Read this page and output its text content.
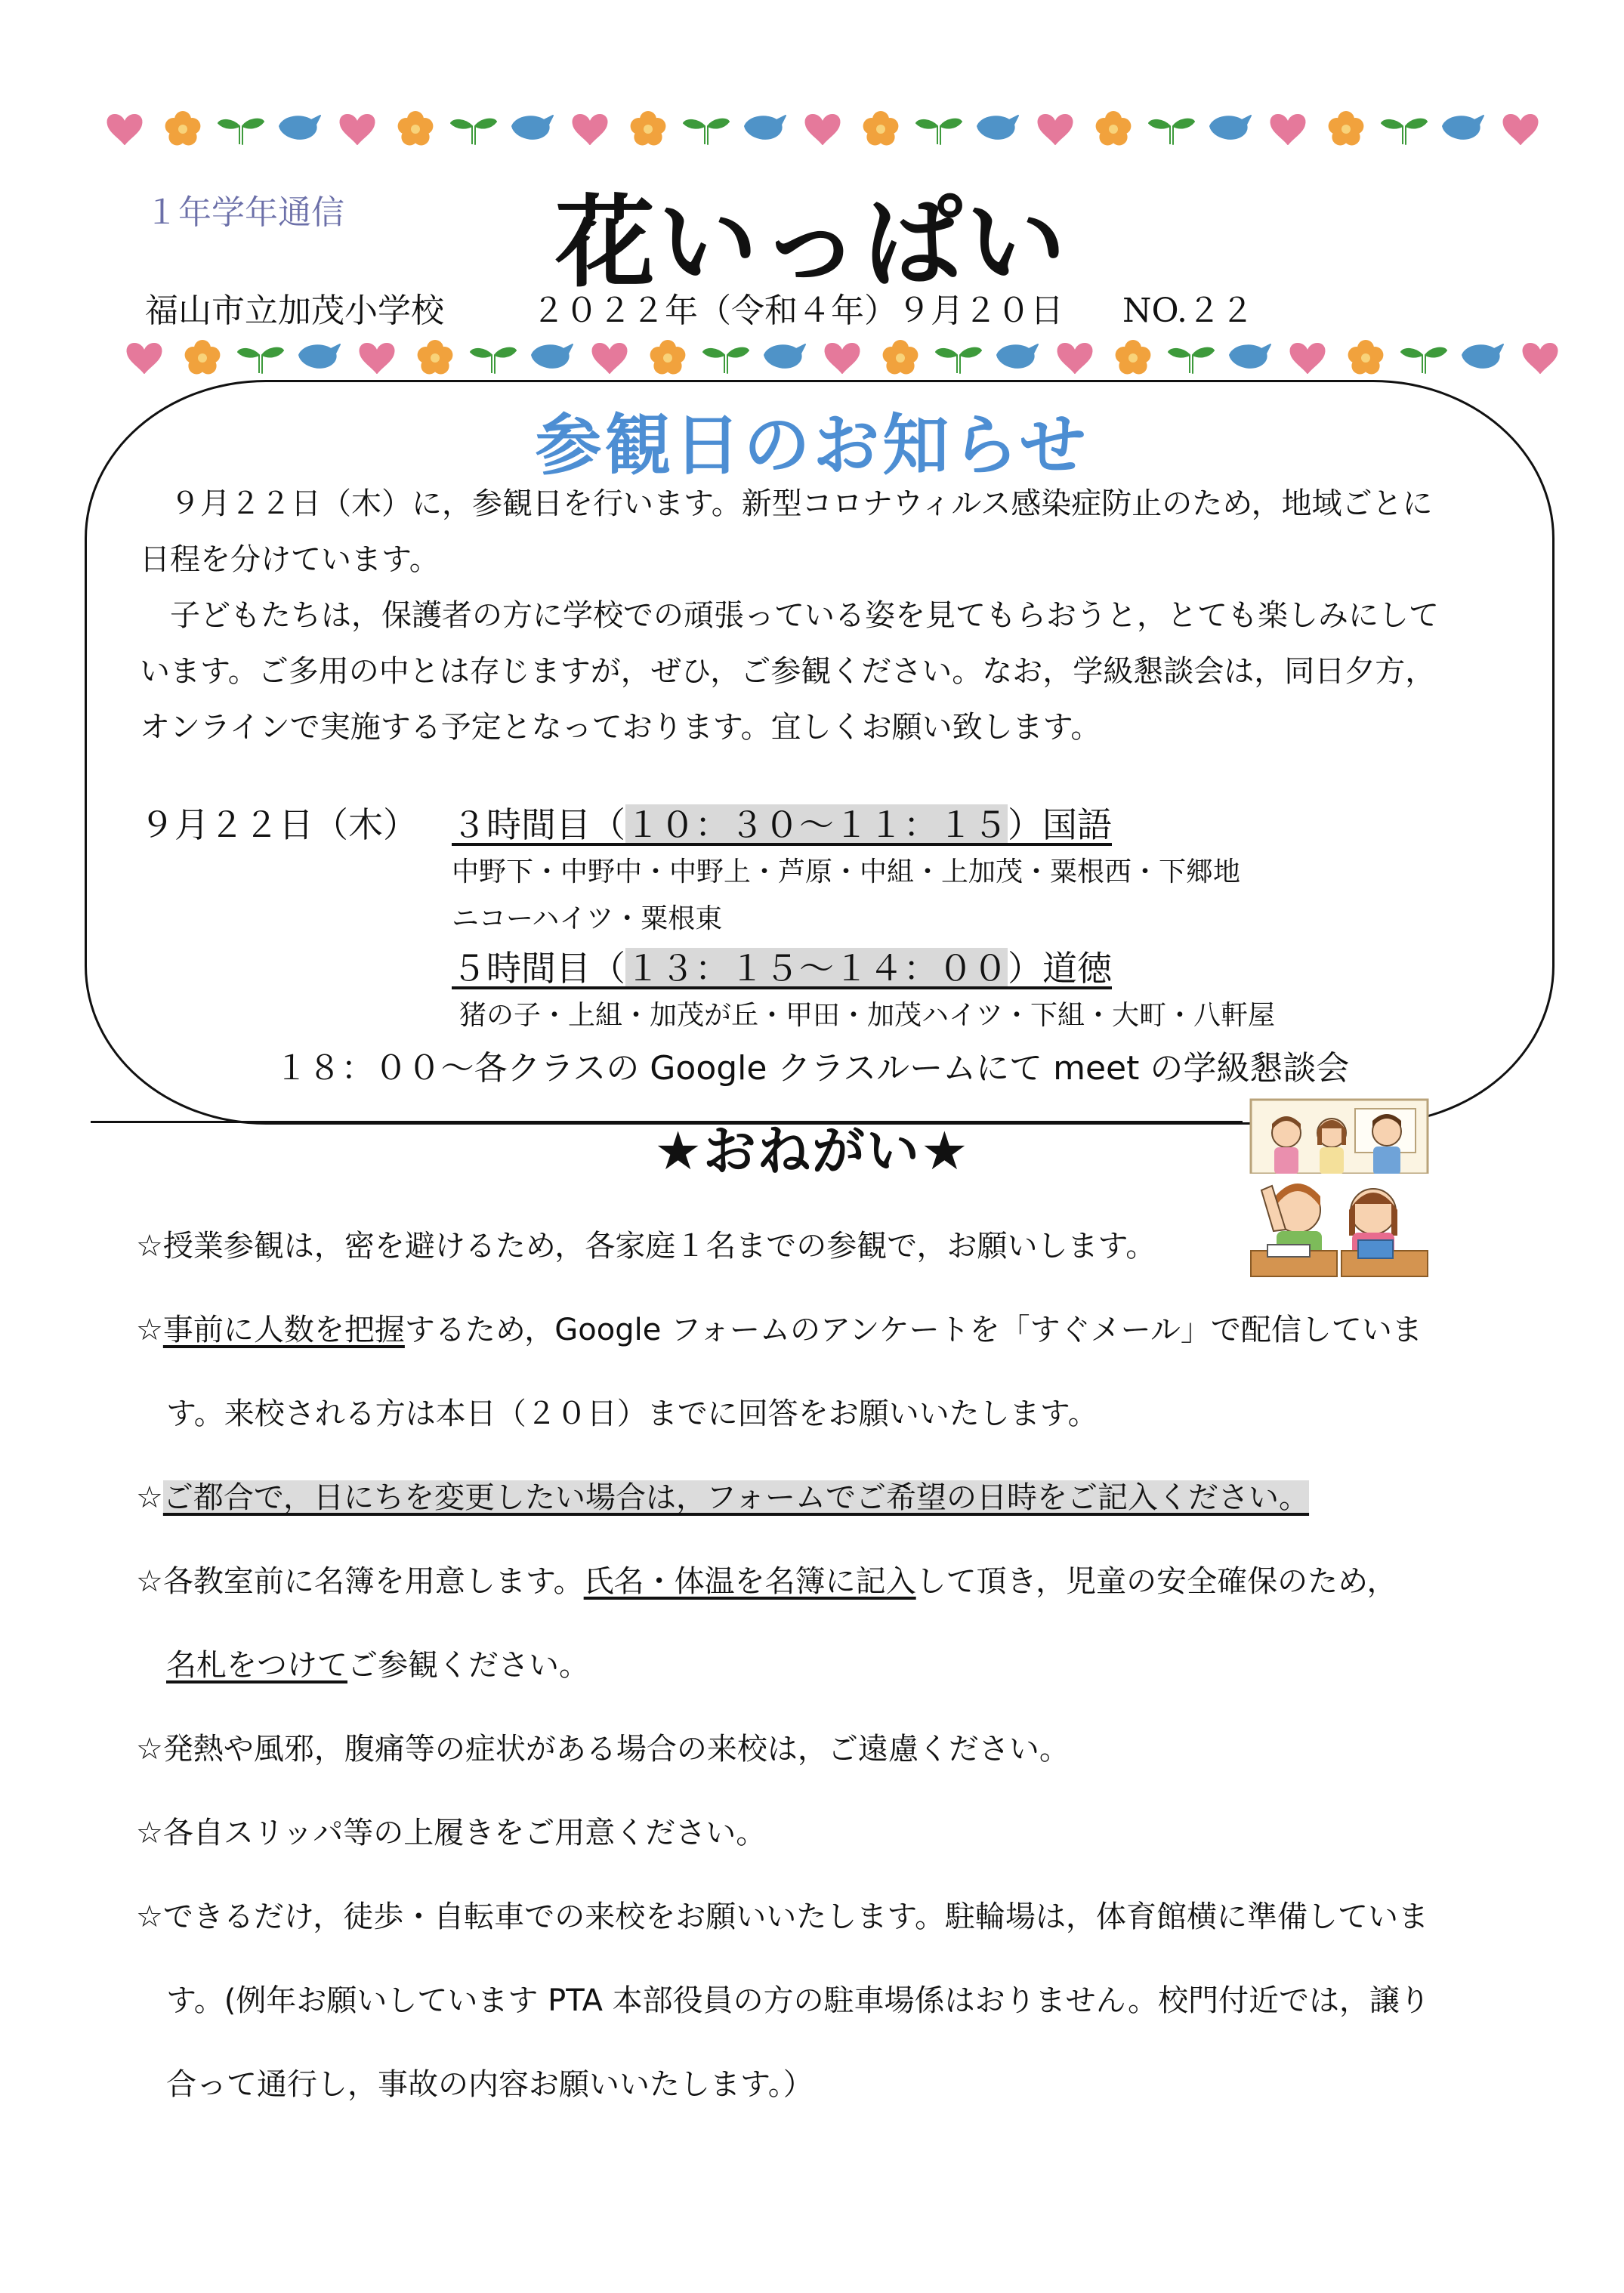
１年学年通信	花いっぱい
福山市立加茂小学校	２０２２年（令和４年）９月２０日 NO.２２
参観日のお知らせ
　９月２２日（木）に，参観日を行います。新型コロナウィルス感染症防止のため，地域ごとに
日程を分けています。
　子どもたちは，保護者の方に学校での頑張っている姿を見てもらおうと，とても楽しみにして
います。ご多用の中とは存じますが，ぜひ，ご参観ください。なお，学級懇談会は，同日夕方，
オンラインで実施する予定となっております。宜しくお願い致します。
９月２２日（木） ３時間目（１０：３０～１１：１５）国語
中野下・中野中・中野上・芦原・中組・上加茂・粟根西・下郷地
ニコーハイツ・粟根東
５時間目（１３：１５～１４：００）道徳
猪の子・上組・加茂が丘・甲田・加茂ハイツ・下組・大町・八軒屋
１８：００～各クラスの Google クラスルームにて meet の学級懇談会
★おねがい★
☆授業参観は，密を避けるため，各家庭１名までの参観で，お願いします。
☆事前に人数を把握するため，Google フォームのアンケートを「すぐメール」で配信していま
　す。来校される方は本日（２０日）までに回答をお願いいたします。
☆ご都合で，日にちを変更したい場合は，フォームでご希望の日時をご記入ください。
☆各教室前に名簿を用意します。氏名・体温を名簿に記入して頂き，児童の安全確保のため，
　名札をつけてご参観ください。
☆発熱や風邪，腹痛等の症状がある場合の来校は，ご遠慮ください。
☆各自スリッパ等の上履きをご用意ください。
☆できるだけ，徒歩・自転車での来校をお願いいたします。駐輪場は，体育館横に準備していま
　す。(例年お願いしています PTA 本部役員の方の駐車場係はおりません。校門付近では，譲り
　合って通行し，事故の内容お願いいたします。）
